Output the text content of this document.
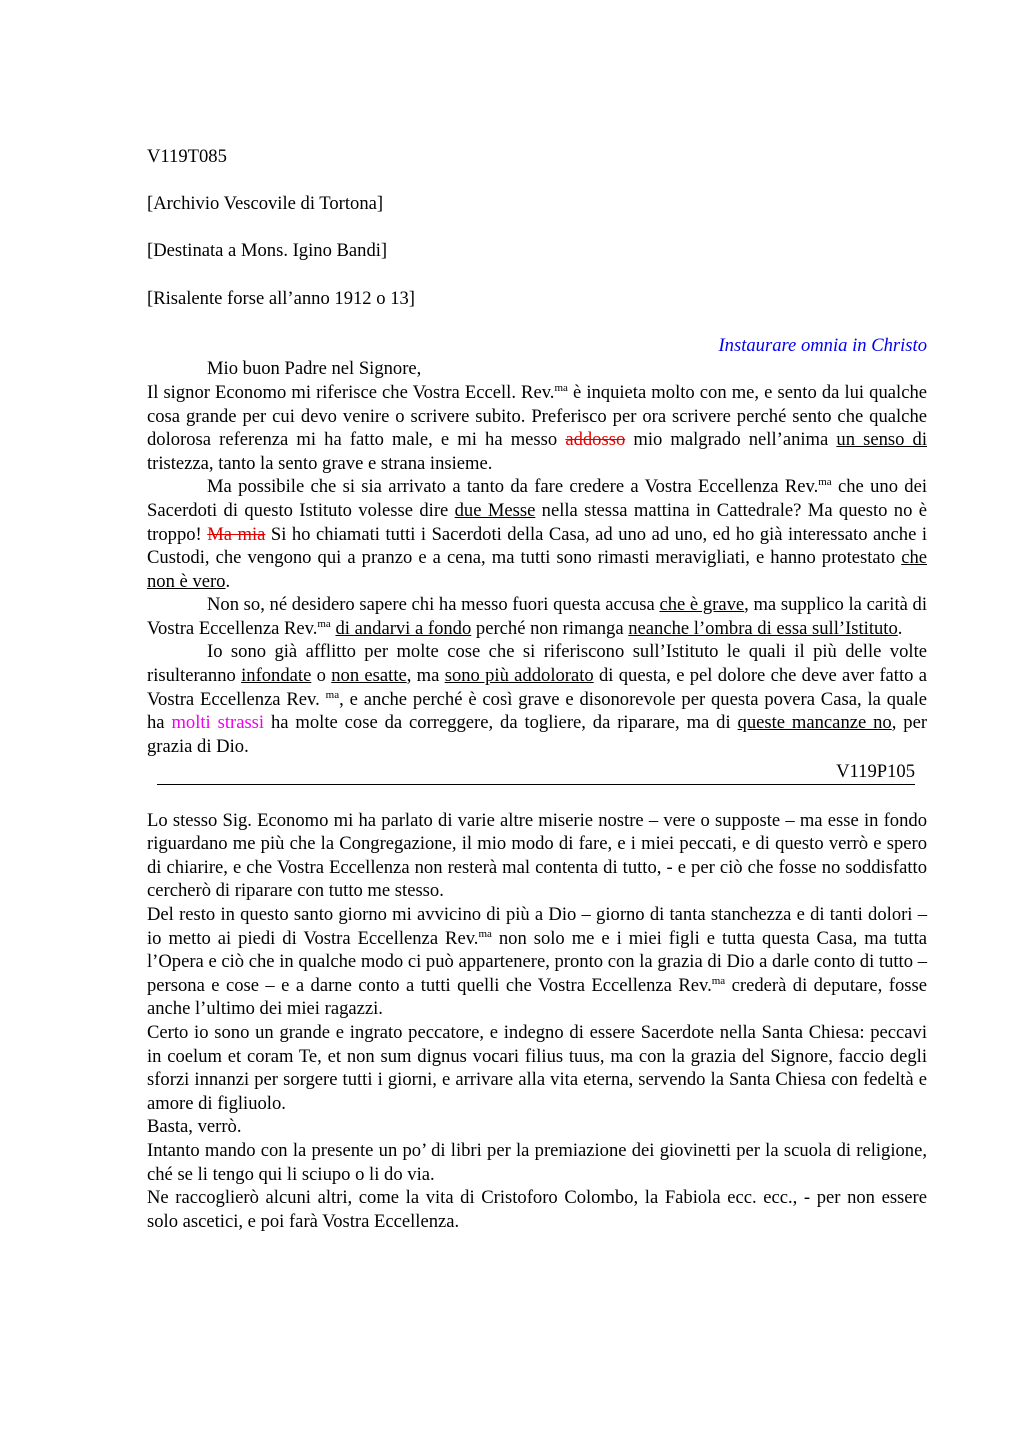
V119T085

[Archivio Vescovile di Tortona]

[Destinata a Mons. Igino Bandi]

[Risalente forse all’anno 1912 o 13]

Instaurare omnia in Christo

Mio buon Padre nel Signore,

Il signor Economo mi riferisce che Vostra Eccell. Rev.$^{ma}$ è inquieta molto con me, e sento da lui qualche cosa grande per cui devo venire o scrivere subito. Preferisco per ora scrivere perché sento che qualche dolorosa referenza mi ha fatto male, e mi ha messo addosso mio malgrado nell’anima un senso di tristezza, tanto la sento grave e strana insieme.

Ma possibile che si sia arrivato a tanto da fare credere a Vostra Eccellenza Rev.$^{ma}$ che uno dei Sacerdoti di questo Istituto volesse dire due Messe nella stessa mattina in Cattedrale? Ma questo no è troppo! Ma mia Si ho chiamati tutti i Sacerdoti della Casa, ad uno ad uno, ed ho già interessato anche i Custodi, che vengono qui a pranzo e a cena, ma tutti sono rimasti meravigliati, e hanno protestato che non è vero.

Non so, né desidero sapere chi ha messo fuori questa accusa che è grave, ma supplico la carità di Vostra Eccellenza Rev.$^{ma}$ di andarvi a fondo perché non rimanga neanche l’ombra di essa sull’Istituto.

Io sono già afflitto per molte cose che si riferiscono sull’Istituto le quali il più delle volte risulteranno infondate o non esatte, ma sono più addolorato di questa, e pel dolore che deve aver fatto a Vostra Eccellenza Rev. $^{ma}$, e anche perché è così grave e disonorevole per questa povera Casa, la quale ha molti strassi ha molte cose da correggere, da togliere, da riparare, ma di queste mancanze no, per grazia di Dio.

V119P105

Lo stesso Sig. Economo mi ha parlato di varie altre miserie nostre – vere o supposte – ma esse in fondo riguardano me più che la Congregazione, il mio modo di fare, e i miei peccati, e di questo verrò e spero di chiarire, e che Vostra Eccellenza non resterà mal contenta di tutto, - e per ciò che fosse no soddisfatto cercherò di riparare con tutto me stesso.

Del resto in questo santo giorno mi avvicino di più a Dio – giorno di tanta stanchezza e di tanti dolori – io metto ai piedi di Vostra Eccellenza Rev.$^{ma}$ non solo me e i miei figli e tutta questa Casa, ma tutta l’Opera e ciò che in qualche modo ci può appartenere, pronto con la grazia di Dio a darle conto di tutto – persona e cose – e a darne conto a tutti quelli che Vostra Eccellenza Rev.$^{ma}$ crederà di deputare, fosse anche l’ultimo dei miei ragazzi.

Certo io sono un grande e ingrato peccatore, e indegno di essere Sacerdote nella Santa Chiesa: peccavi in coelum et coram Te, et non sum dignus vocari filius tuus, ma con la grazia del Signore, faccio degli sforzi innanzi per sorgere tutti i giorni, e arrivare alla vita eterna, servendo la Santa Chiesa con fedeltà e amore di figliuolo.

Basta, verrò.

Intanto mando con la presente un po’ di libri per la premiazione dei giovinetti per la scuola di religione, ché se li tengo qui li sciupo o li do via.

Ne raccoglierò alcuni altri, come la vita di Cristoforo Colombo, la Fabiola ecc. ecc., - per non essere solo ascetici, e poi farà Vostra Eccellenza.
